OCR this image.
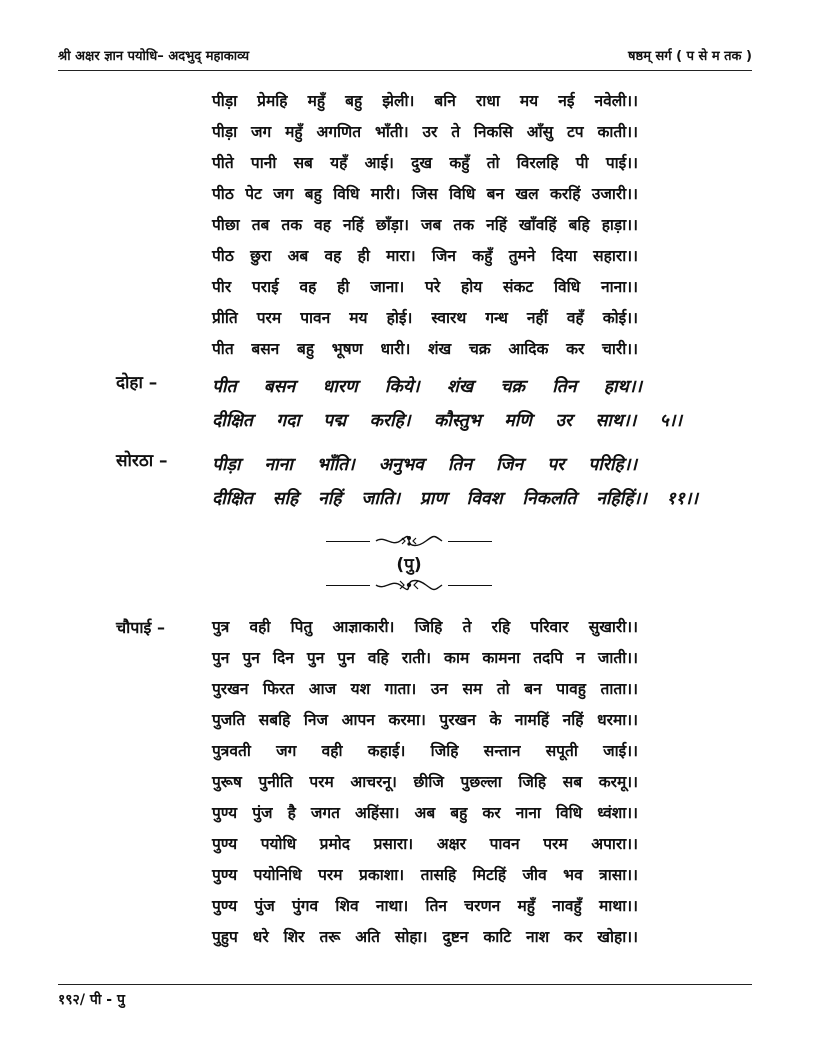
श्री अक्षर ज्ञान पयोधि– अदभुद् महाकाव्य	षष्ठम् सर्ग ( प से म तक )
पीड़ा प्रेमहि महुँ बहु झेली। बनि राधा मय नई नवेली।।
पीड़ा जग महुँ अगणित भाँती। उर ते निकसि आँसु टप काती।।
पीते पानी सब यहँ आई। दुख कहुँ तो विरलहि पी पाई।।
पीठ पेट जग बहु विधि मारी। जिस विधि बन खल करहिं उजारी।।
पीछा तब तक वह नहिं छाँड़ा। जब तक नहिं खाँवहिं बहि हाड़ा।।
पीठ छुरा अब वह ही मारा। जिन कहुँ तुमने दिया सहारा।।
पीर पराई वह ही जाना। परे होय संकट विधि नाना।।
प्रीति परम पावन मय होई। स्वारथ गन्ध नहीं वहँ कोई।।
पीत बसन बहु भूषण धारी। शंख चक्र आदिक कर चारी।।
दोहा –	पीत बसन धारण किये। शंख चक्र तिन हाथ।।
दीक्षित गदा पद्म करहि। कौस्तुभ मणि उर साथ।। ५।।
सोरठा –	पीड़ा नाना भाँति। अनुभव तिन जिन पर परिहि।।
दीक्षित सहि नहिं जाति। प्राण विवश निकलति नहिहिं।। ११।।
(पु)
चौपाई –	पुत्र वही पितु आज्ञाकारी। जिहि ते रहि परिवार सुखारी।।
पुन पुन दिन पुन पुन वहि राती। काम कामना तदपि न जाती।।
पुरखन फिरत आज यश गाता। उन सम तो बन पावहु ताता।।
पुजति सबहि निज आपन करमा। पुरखन के नामहिं नहिं धरमा।।
पुत्रवती जग वही कहाई। जिहि सन्तान सपूती जाई।।
पुरूष पुनीति परम आचरनू। छीजि पुछल्ला जिहि सब करमू।।
पुण्य पुंज है जगत अहिंसा। अब बहु कर नाना विधि ध्वंशा।।
पुण्य पयोधि प्रमोद प्रसारा। अक्षर पावन परम अपारा।।
पुण्य पयोनिधि परम प्रकाशा। तासहि मिटहिं जीव भव त्रासा।।
पुण्य पुंज पुंगव शिव नाथा। तिन चरणन महुँ नावहुँ माथा।।
पुहुप धरे शिर तरू अति सोहा। दुष्टन काटि नाश कर खोहा।।
१९२/ पी - पु
